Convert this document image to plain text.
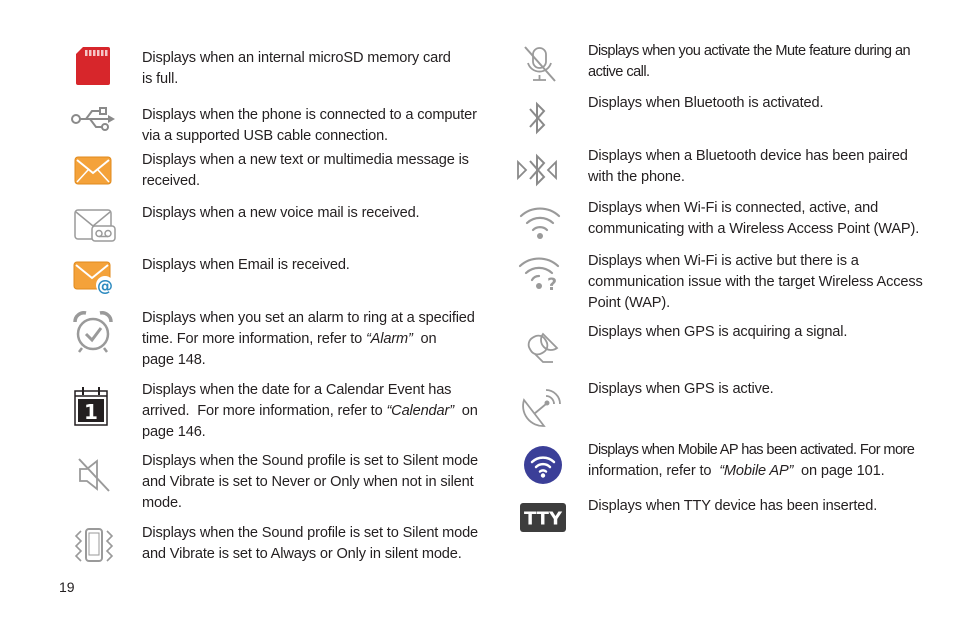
Displays when an internal microSD memory card
is full.
Displays when the phone is connected to a computer
via a supported USB cable connection.
Displays when a new text or multimedia message is
received.
Displays when a new voice mail is received.
@
Displays when Email is received.
Displays when you set an alarm to ring at a specified
time. For more information, refer to “Alarm”  on
page 148.
1
Displays when the date for a Calendar Event has
arrived.  For more information, refer to “Calendar”  on
page 146.
Displays when the Sound profile is set to Silent mode
and Vibrate is set to Never or Only when not in silent
mode.
Displays when the Sound profile is set to Silent mode
and Vibrate is set to Always or Only in silent mode.
Displays when you activate the Mute feature during an
active call.
Displays when Bluetooth is activated.
Displays when a Bluetooth device has been paired
with the phone.
Displays when Wi-Fi is connected, active, and
communicating with a Wireless Access Point (WAP).
?
Displays when Wi-Fi is active but there is a
communication issue with the target Wireless Access
Point (WAP).
Displays when GPS is acquiring a signal.
Displays when GPS is active.
Displays when Mobile AP has been activated. For more
information, refer to  “Mobile AP”  on page 101.
TTY
Displays when TTY device has been inserted.
19
